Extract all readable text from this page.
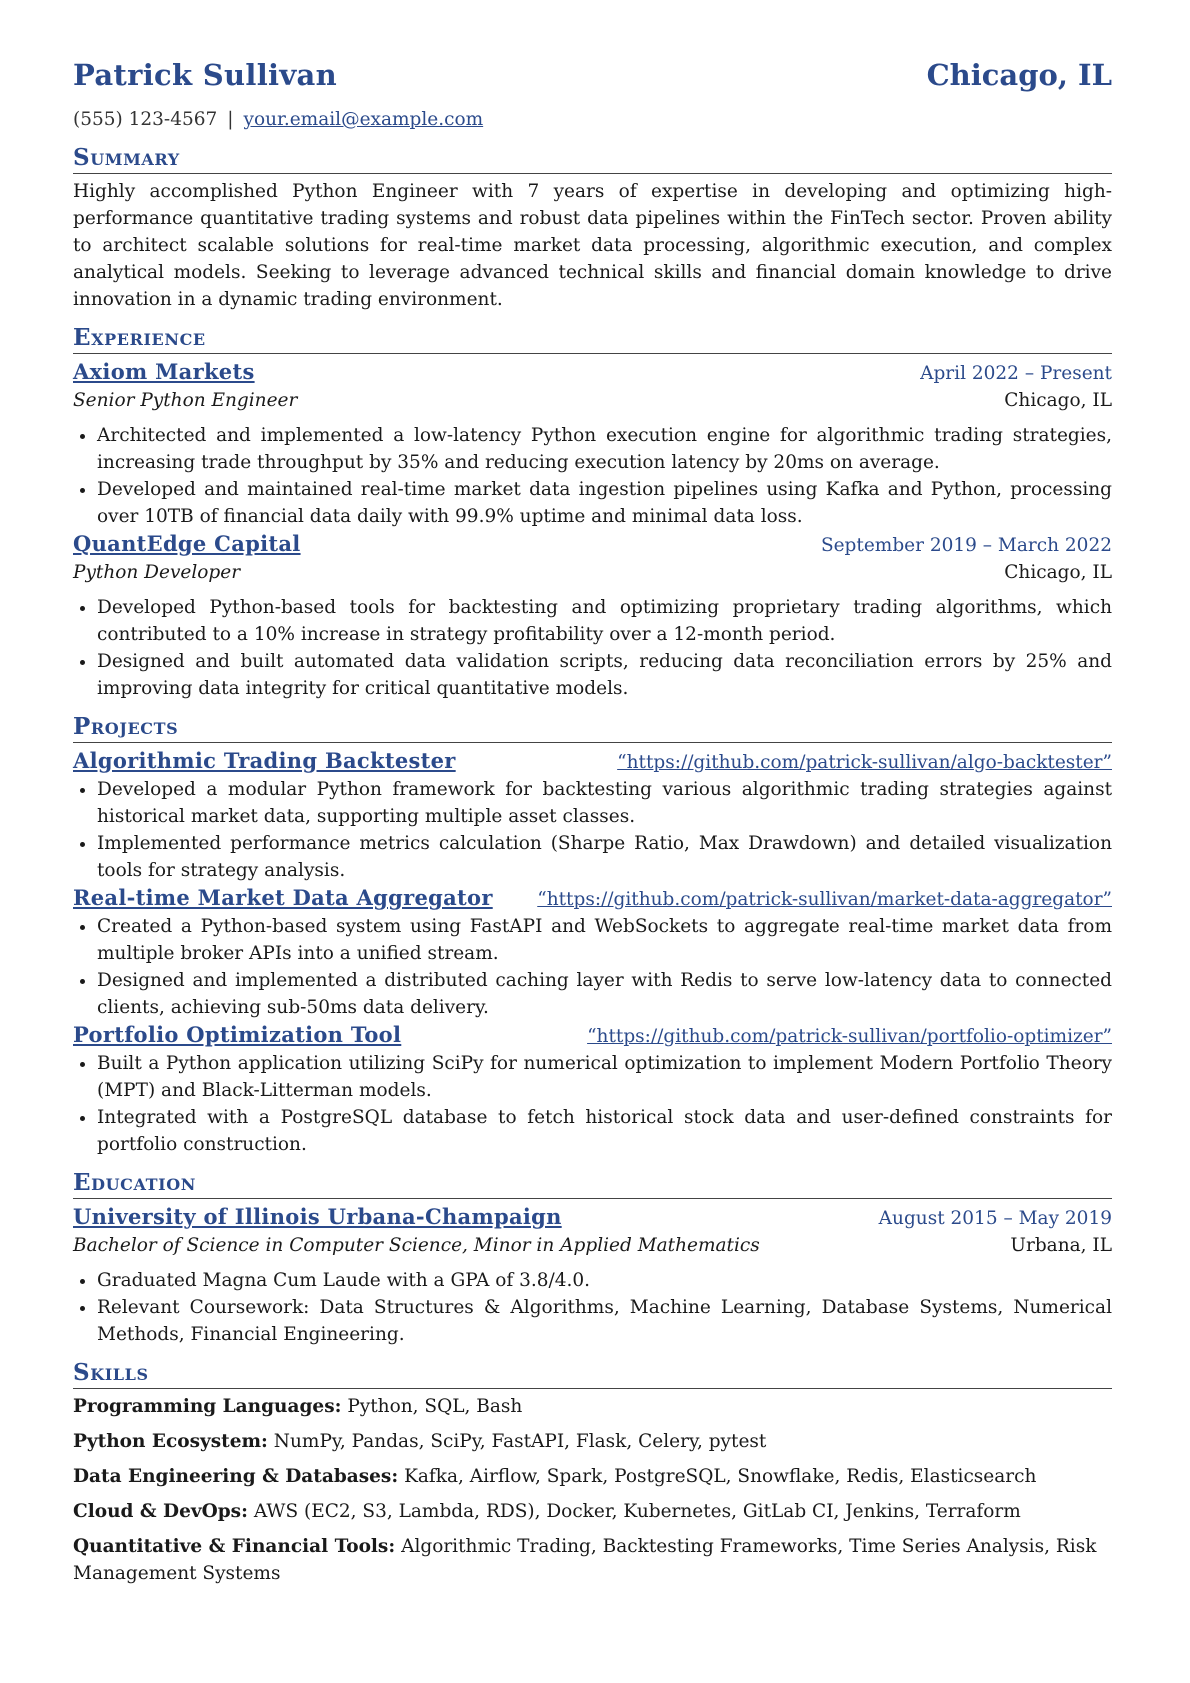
Patrick Sullivan	Chicago, IL
(555) 123-4567 | your.email@example.com
Summary
Highly accomplished Python Engineer with 7 years of expertise in developing and optimizing high-performance quantitative trading systems and robust data pipelines within the FinTech sector. Proven ability to architect scalable solutions for real-time market data processing, algorithmic execution, and complex analytical models. Seeking to leverage advanced technical skills and financial domain knowledge to drive innovation in a dynamic trading environment.
Experience
Axiom Markets	April 2022 – Present
Senior Python Engineer	Chicago, IL
• Architected and implemented a low-latency Python execution engine for algorithmic trading strategies, increasing trade throughput by 35% and reducing execution latency by 20ms on average.
• Developed and maintained real-time market data ingestion pipelines using Kafka and Python, processing over 10TB of financial data daily with 99.9% uptime and minimal data loss.
QuantEdge Capital	September 2019 – March 2022
Python Developer	Chicago, IL
• Developed Python-based tools for backtesting and optimizing proprietary trading algorithms, which contributed to a 10% increase in strategy profitability over a 12-month period.
• Designed and built automated data validation scripts, reducing data reconciliation errors by 25% and improving data integrity for critical quantitative models.
Projects
Algorithmic Trading Backtester	“https://github.com/patrick-sullivan/algo-backtester”
• Developed a modular Python framework for backtesting various algorithmic trading strategies against historical market data, supporting multiple asset classes.
• Implemented performance metrics calculation (Sharpe Ratio, Max Drawdown) and detailed visualization tools for strategy analysis.
Real-time Market Data Aggregator “https://github.com/patrick-sullivan/market-data-aggregator”
• Created a Python-based system using FastAPI and WebSockets to aggregate real-time market data from multiple broker APIs into a unified stream.
• Designed and implemented a distributed caching layer with Redis to serve low-latency data to connected clients, achieving sub-50ms data delivery.
Portfolio Optimization Tool	“https://github.com/patrick-sullivan/portfolio-optimizer”
• Built a Python application utilizing SciPy for numerical optimization to implement Modern Portfolio Theory (MPT) and Black-Litterman models.
• Integrated with a PostgreSQL database to fetch historical stock data and user-defined constraints for portfolio construction.
Education
University of Illinois Urbana-Champaign	August 2015 – May 2019
Bachelor of Science in Computer Science, Minor in Applied Mathematics	Urbana, IL
• Graduated Magna Cum Laude with a GPA of 3.8/4.0.
• Relevant Coursework: Data Structures & Algorithms, Machine Learning, Database Systems, Numerical Methods, Financial Engineering.
Skills
Programming Languages: Python, SQL, Bash
Python Ecosystem: NumPy, Pandas, SciPy, FastAPI, Flask, Celery, pytest
Data Engineering & Databases: Kafka, Airflow, Spark, PostgreSQL, Snowflake, Redis, Elasticsearch
Cloud & DevOps: AWS (EC2, S3, Lambda, RDS), Docker, Kubernetes, GitLab CI, Jenkins, Terraform
Quantitative & Financial Tools: Algorithmic Trading, Backtesting Frameworks, Time Series Analysis, Risk Management Systems
